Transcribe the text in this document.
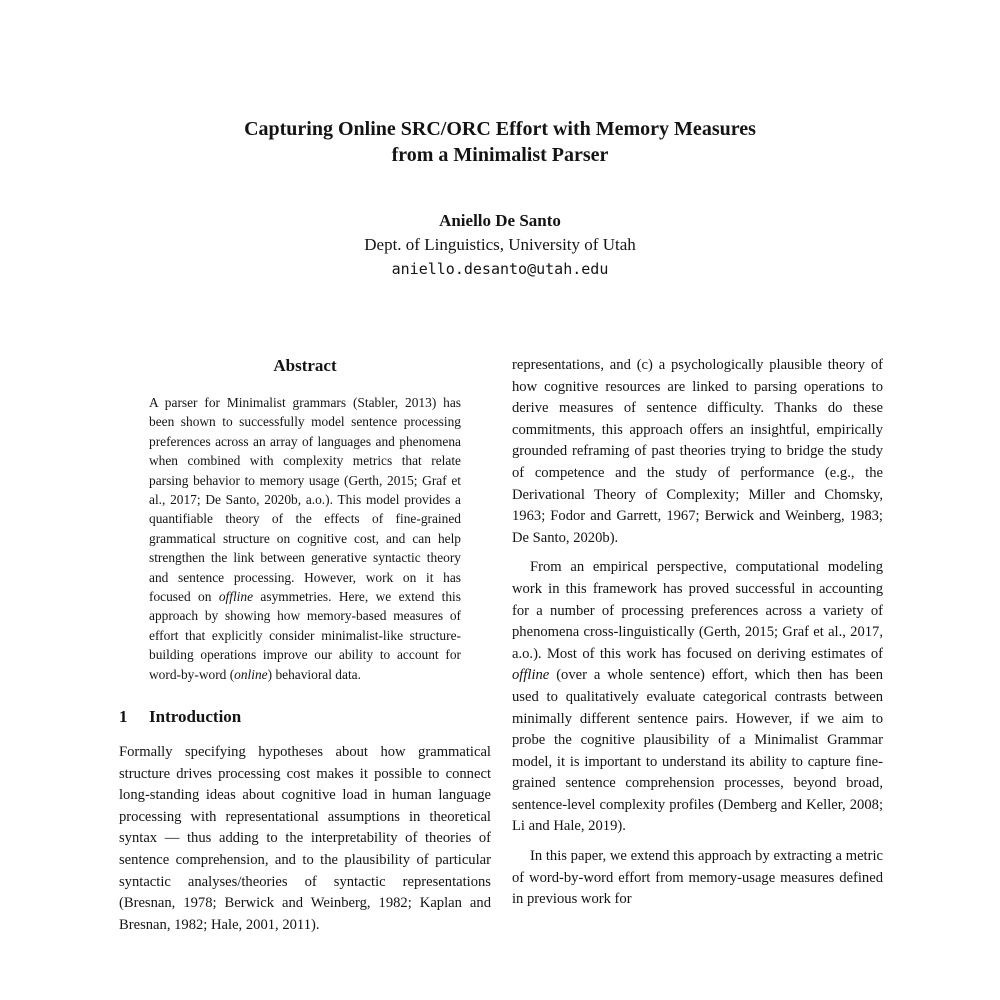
Capturing Online SRC/ORC Effort with Memory Measures
from a Minimalist Parser
Aniello De Santo
Dept. of Linguistics, University of Utah
aniello.desanto@utah.edu
Abstract
A parser for Minimalist grammars (Stabler, 2013) has been shown to successfully model sentence processing preferences across an array of languages and phenomena when combined with complexity metrics that relate parsing behavior to memory usage (Gerth, 2015; Graf et al., 2017; De Santo, 2020b, a.o.). This model provides a quantifiable theory of the effects of fine-grained grammatical structure on cognitive cost, and can help strengthen the link between generative syntactic theory and sentence processing. However, work on it has focused on offline asymmetries. Here, we extend this approach by showing how memory-based measures of effort that explicitly consider minimalist-like structure-building operations improve our ability to account for word-by-word (online) behavioral data.
1 Introduction

Formally specifying hypotheses about how grammatical structure drives processing cost makes it possible to connect long-standing ideas about cognitive load in human language processing with representational assumptions in theoretical syntax — thus adding to the interpretability of theories of sentence comprehension, and to the plausibility of particular syntactic analyses/theories of syntactic representations (Bresnan, 1978; Berwick and Weinberg, 1982; Kaplan and Bresnan, 1982; Hale, 2001, 2011).

representations, and (c) a psychologically plausible theory of how cognitive resources are linked to parsing operations to derive measures of sentence difficulty. Thanks do these commitments, this approach offers an insightful, empirically grounded reframing of past theories trying to bridge the study of competence and the study of performance (e.g., the Derivational Theory of Complexity; Miller and Chomsky, 1963; Fodor and Garrett, 1967; Berwick and Weinberg, 1983; De Santo, 2020b).

From an empirical perspective, computational modeling work in this framework has proved successful in accounting for a number of processing preferences across a variety of phenomena cross-linguistically (Gerth, 2015; Graf et al., 2017, a.o.). Most of this work has focused on deriving estimates of offline (over a whole sentence) effort, which then has been used to qualitatively evaluate categorical contrasts between minimally different sentence pairs. However, if we aim to probe the cognitive plausibility of a Minimalist Grammar model, it is important to understand its ability to capture fine-grained sentence comprehension processes, beyond broad, sentence-level complexity profiles (Demberg and Keller, 2008; Li and Hale, 2019).

In this paper, we extend this approach by extracting a metric of word-by-word effort from memory-usage measures defined in previous work for
